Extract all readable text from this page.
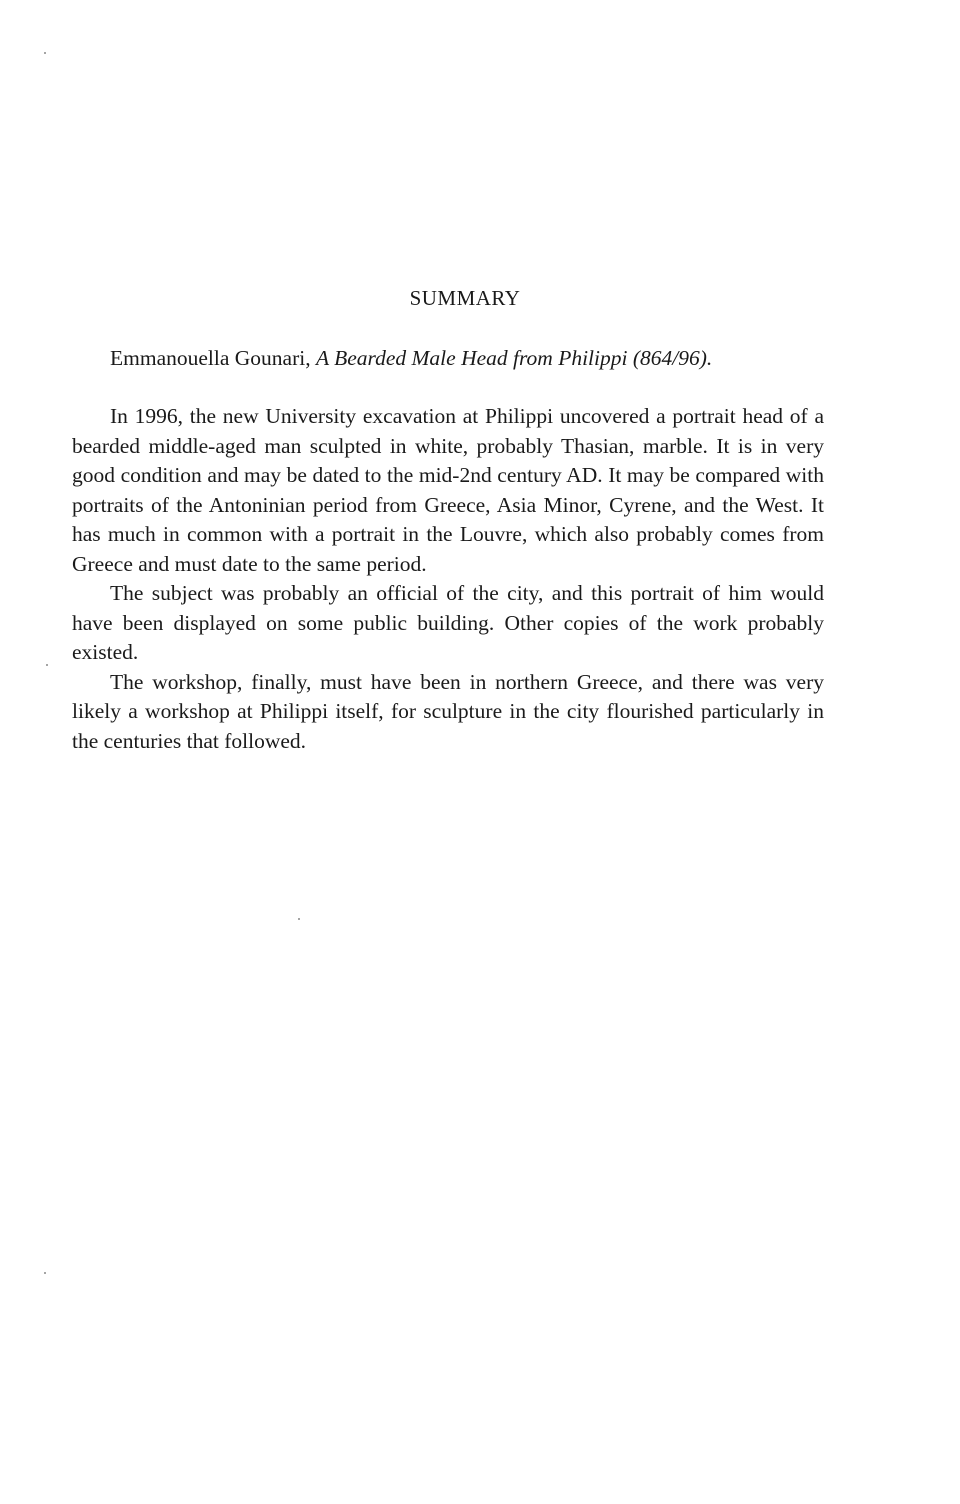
SUMMARY
Emmanouella Gounari, A Bearded Male Head from Philippi (864/96).

In 1996, the new University excavation at Philippi uncovered a portrait head of a bearded middle-aged man sculpted in white, probably Thasian, marble. It is in very good condition and may be dated to the mid-2nd century AD. It may be compared with portraits of the Antoninian period from Greece, Asia Minor, Cyrene, and the West. It has much in common with a portrait in the Louvre, which also probably comes from Greece and must date to the same period.

The subject was probably an official of the city, and this portrait of him would have been displayed on some public building. Other copies of the work probably existed.

The workshop, finally, must have been in northern Greece, and there was very likely a workshop at Philippi itself, for sculpture in the city flourished particularly in the centuries that followed.
